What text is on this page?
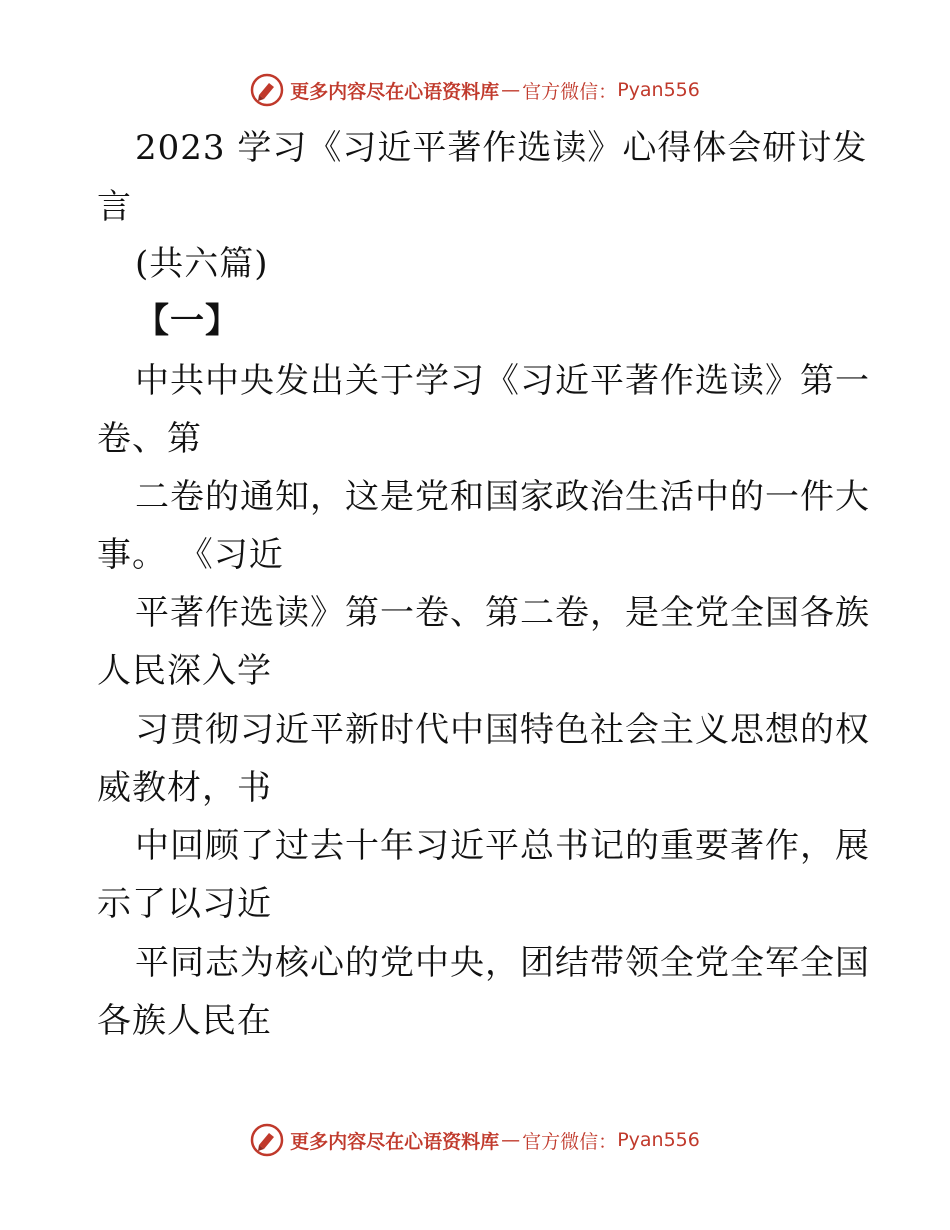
更多内容尽在心语资料库 — 官方微信： Pyan556
2023 学习《习近平著作选读》心得体会研讨发
言
(共六篇)
【一】
中共中央发出关于学习《习近平著作选读》第一
卷、第
二卷的通知，这是党和国家政治生活中的一件大
事。 《习近
平著作选读》第一卷、第二卷，是全党全国各族
人民深入学
习贯彻习近平新时代中国特色社会主义思想的权
威教材，书
中回顾了过去十年习近平总书记的重要著作，展
示了以习近
平同志为核心的党中央，团结带领全党全军全国
各族人民在
更多内容尽在心语资料库 — 官方微信： Pyan556
